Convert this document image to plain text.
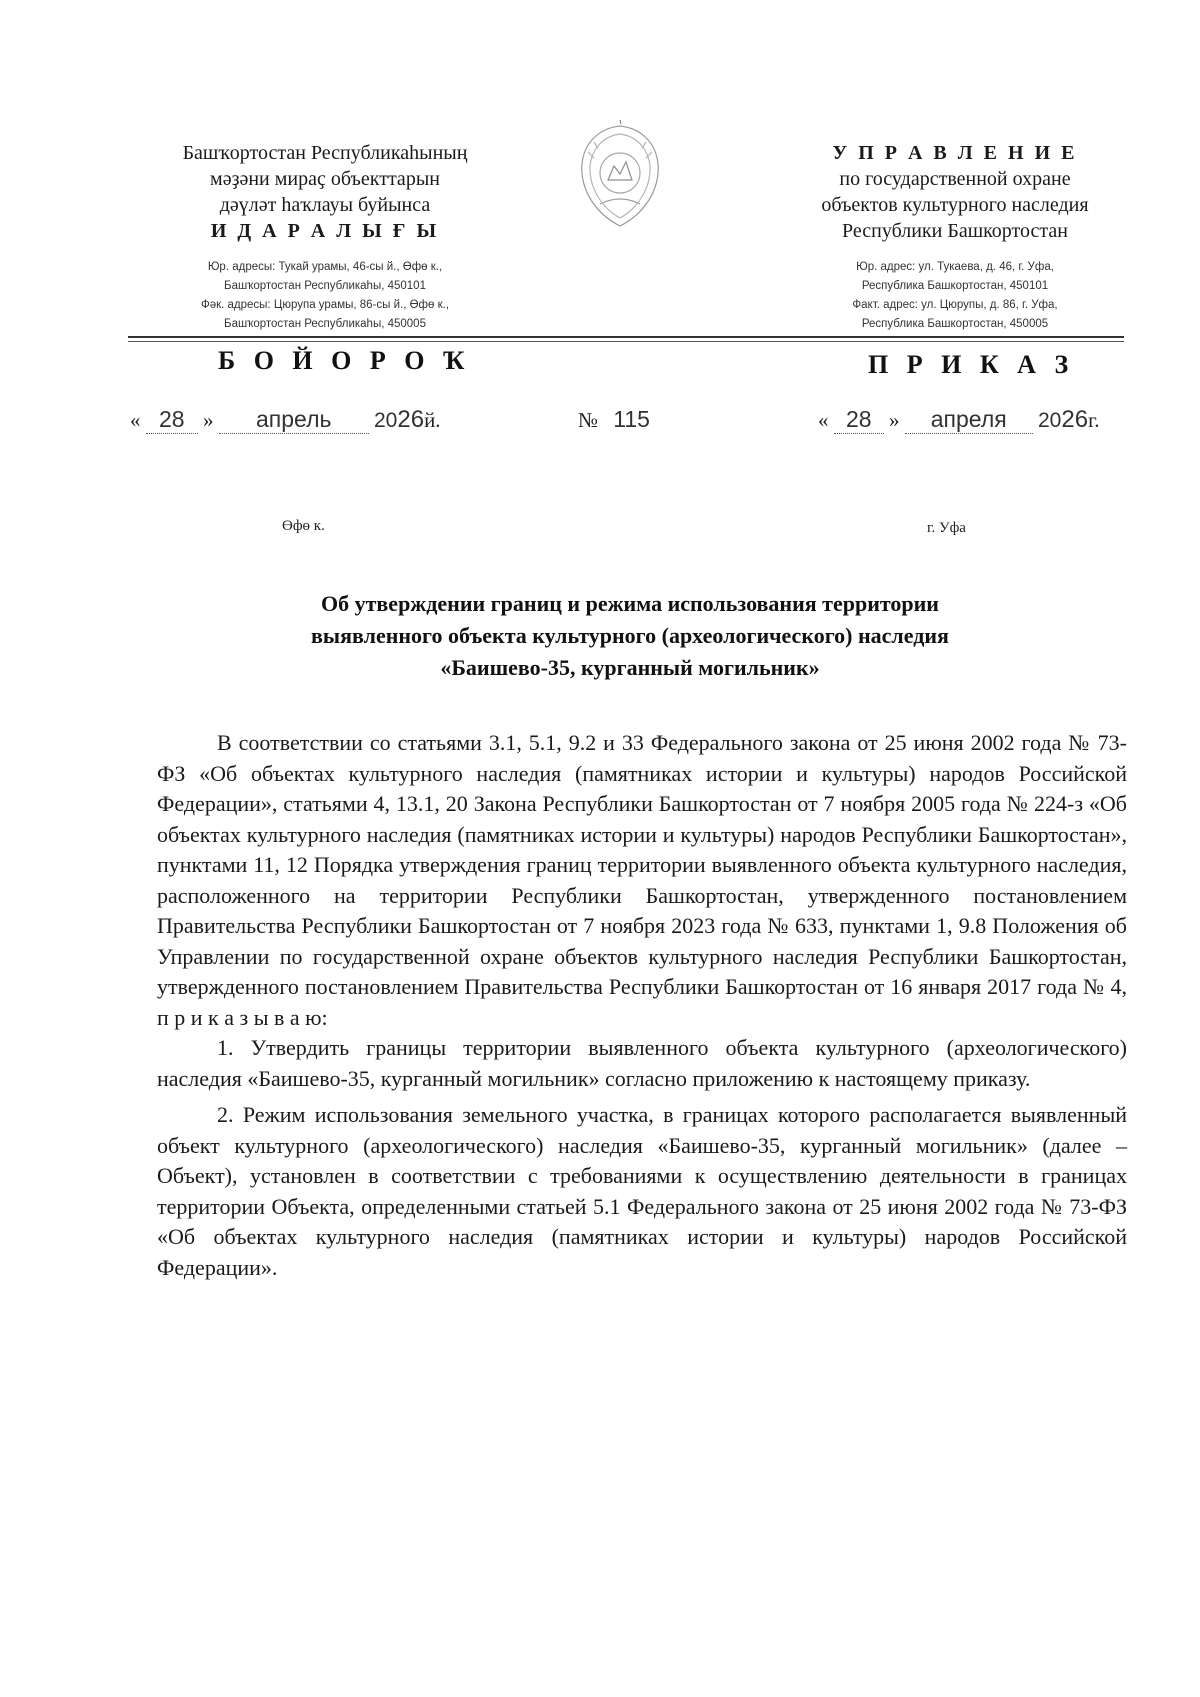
Башҡортостан Республикаһының

мәҙәни мираҫ объекттарын

дәүләт һаҡлауы буйынса

И Д А Р А Л Ы Ғ Ы

Юр. адресы: Тукай урамы, 46-сы й., Өфө к.,

Башҡортостан Республикаһы, 450101

Фәк. адресы: Цюрупа урамы, 86-сы й., Өфө к.,

Башҡортостан Республикаһы, 450005

У П Р А В Л Е Н И Е

по государственной охране

объектов культурного наследия

Республики Башкортостан

Юр. адрес: ул. Тукаева, д. 46, г. Уфа,

Республика Башкортостан, 450101

Факт. адрес: ул. Цюрупы, д. 86, г. Уфа,

Республика Башкортостан, 450005

Б О Й О Р О Ҡ	П Р И К А З
« 28 » апрель 2026й.	№ 115	« 28 » апреля 2026г.
Өфө к.	г. Уфа
Об утверждении границ и режима использования территории
выявленного объекта культурного (археологического) наследия
«Баишево-35, курганный могильник»

В соответствии со статьями 3.1, 5.1, 9.2 и 33 Федерального закона от 25 июня 2002 года № 73-ФЗ «Об объектах культурного наследия (памятниках истории и культуры) народов Российской Федерации», статьями 4, 13.1, 20 Закона Республики Башкортостан от 7 ноября 2005 года № 224-з «Об объектах культурного наследия (памятниках истории и культуры) народов Республики Башкортостан», пунктами 11, 12 Порядка утверждения границ территории выявленного объекта культурного наследия, расположенного на территории Республики Башкортостан, утвержденного постановлением Правительства Республики Башкортостан от 7 ноября 2023 года № 633, пунктами 1, 9.8 Положения об Управлении по государственной охране объектов культурного наследия Республики Башкортостан, утвержденного постановлением Правительства Республики Башкортостан от 16 января 2017 года № 4, п р и к а з ы в а ю:

1. Утвердить границы территории выявленного объекта культурного (археологического) наследия «Баишево-35, курганный могильник» согласно приложению к настоящему приказу.

2. Режим использования земельного участка, в границах которого располагается выявленный объект культурного (археологического) наследия «Баишево-35, курганный могильник» (далее – Объект), установлен в соответствии с требованиями к осуществлению деятельности в границах территории Объекта, определенными статьей 5.1 Федерального закона от 25 июня 2002 года № 73-ФЗ «Об объектах культурного наследия (памятниках истории и культуры) народов Российской Федерации».
